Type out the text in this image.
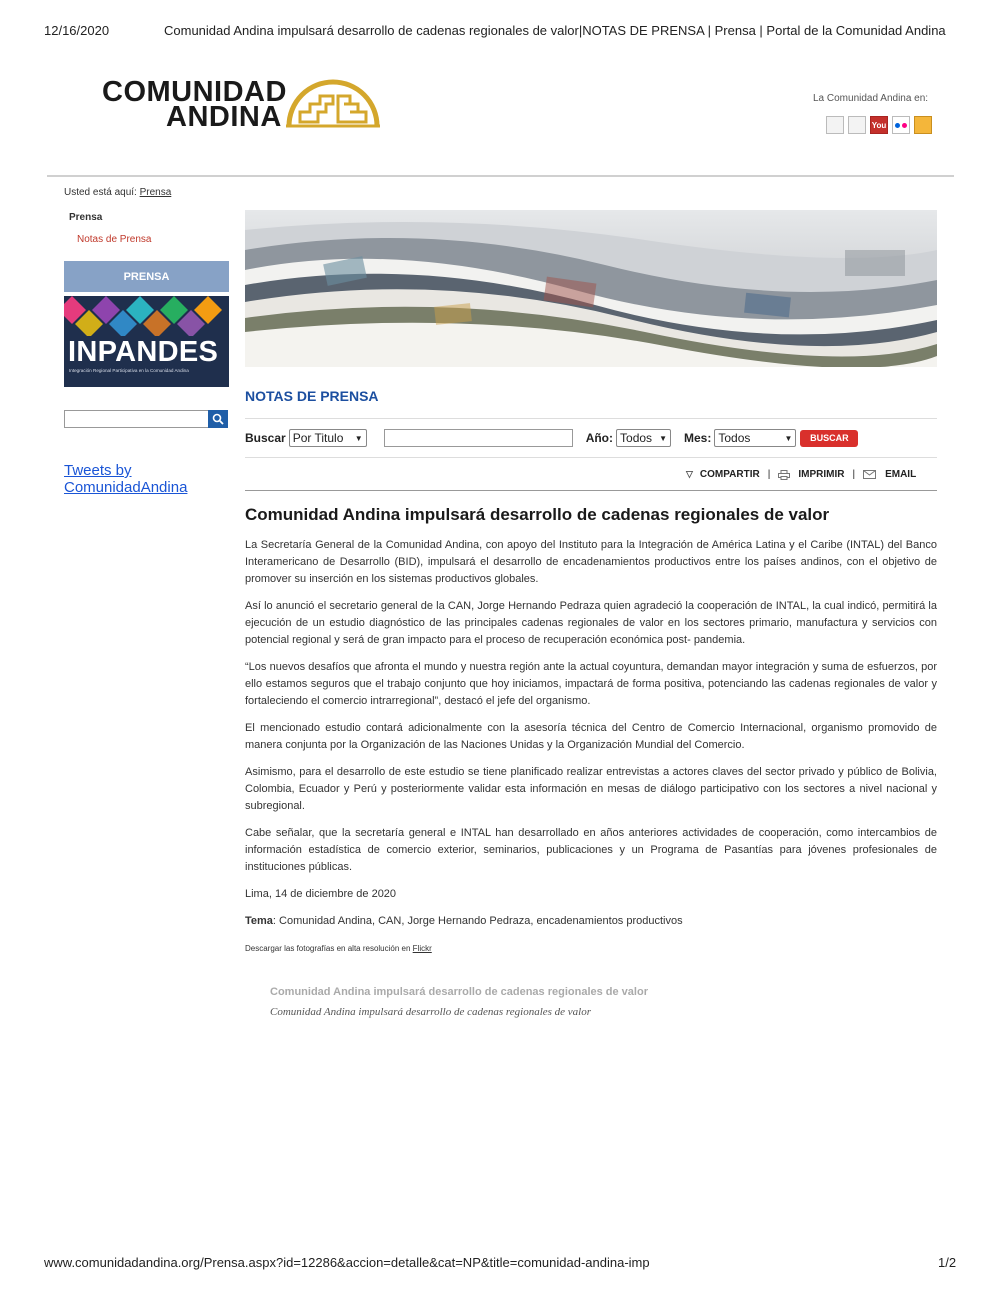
12/16/2020	Comunidad Andina impulsará desarrollo de cadenas regionales de valor|NOTAS DE PRENSA | Prensa | Portal de la Comunidad Andina
COMUNIDAD
ANDINA
La Comunidad Andina en:
You
Usted está aquí: Prensa
Prensa
Notas de Prensa
PRENSA
INPANDES
Integración Regional Participativa en la Comunidad Andina
Tweets by
ComunidadAndina
NOTAS DE PRENSA
Buscar Por Titulo ▼	Año: Todos ▼ Mes: Todos	▼	BUSCAR
▽ COMPARTIR |	IMPRIMIR |	EMAIL
Comunidad Andina impulsará desarrollo de cadenas regionales de valor

La Secretaría General de la Comunidad Andina, con apoyo del Instituto para la Integración de América Latina y el Caribe (INTAL) del Banco Interamericano de Desarrollo (BID), impulsará el desarrollo de encadenamientos productivos entre los países andinos, con el objetivo de promover su inserción en los sistemas productivos globales.

Así lo anunció el secretario general de la CAN, Jorge Hernando Pedraza quien agradeció la cooperación de INTAL, la cual indicó, permitirá la ejecución de un estudio diagnóstico de las principales cadenas regionales de valor en los sectores primario, manufactura y servicios con potencial regional y será de gran impacto para el proceso de recuperación económica post- pandemia.

“Los nuevos desafíos que afronta el mundo y nuestra región ante la actual coyuntura, demandan mayor integración y suma de esfuerzos, por ello estamos seguros que el trabajo conjunto que hoy iniciamos, impactará de forma positiva, potenciando las cadenas regionales de valor y fortaleciendo el comercio intrarregional”, destacó el jefe del organismo.

El mencionado estudio contará adicionalmente con la asesoría técnica del Centro de Comercio Internacional, organismo promovido de manera conjunta por la Organización de las Naciones Unidas y la Organización Mundial del Comercio.

Asimismo, para el desarrollo de este estudio se tiene planificado realizar entrevistas a actores claves del sector privado y público de Bolivia, Colombia, Ecuador y Perú y posteriormente validar esta información en mesas de diálogo participativo con los sectores a nivel nacional y subregional.

Cabe señalar, que la secretaría general e INTAL han desarrollado en años anteriores actividades de cooperación, como intercambios de información estadística de comercio exterior, seminarios, publicaciones y un Programa de Pasantías para jóvenes profesionales de instituciones públicas.

Lima, 14 de diciembre de 2020

Tema: Comunidad Andina, CAN, Jorge Hernando Pedraza, encadenamientos productivos

Descargar las fotografías en alta resolución en Flickr

Comunidad Andina impulsará desarrollo de cadenas regionales de valor
Comunidad Andina impulsará desarrollo de cadenas regionales de valor
www.comunidadandina.org/Prensa.aspx?id=12286&accion=detalle&cat=NP&title=comunidad-andina-imp	1/2
